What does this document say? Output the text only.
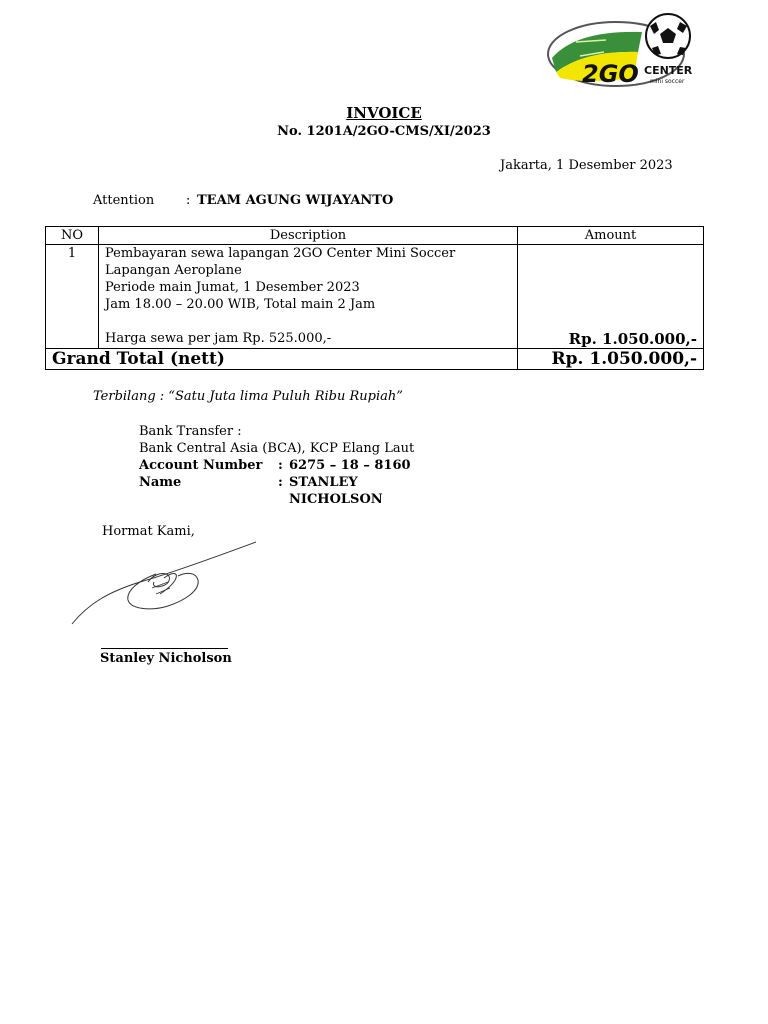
2GO CENTER
mini soccer
INVOICE
No. 1201A/2GO-CMS/XI/2023
Jakarta, 1 Desember 2023
Attention : TEAM AGUNG WIJAYANTO
NO	Description	Amount
1	Pembayaran sewa lapangan 2GO Center Mini Soccer
Lapangan Aeroplane
Periode main Jumat, 1 Desember 2023
Jam 18.00 – 20.00 WIB, Total main 2 Jam
Harga sewa per jam Rp. 525.000,-	Rp. 1.050.000,-
Grand Total (nett)		Rp. 1.050.000,-
Terbilang : “Satu Juta lima Puluh Ribu Rupiah”
Bank Transfer :
Bank Central Asia (BCA), KCP Elang Laut
Account Number : 6275 – 18 – 8160
Name	: STANLEY NICHOLSON
Hormat Kami,
Stanley Nicholson
